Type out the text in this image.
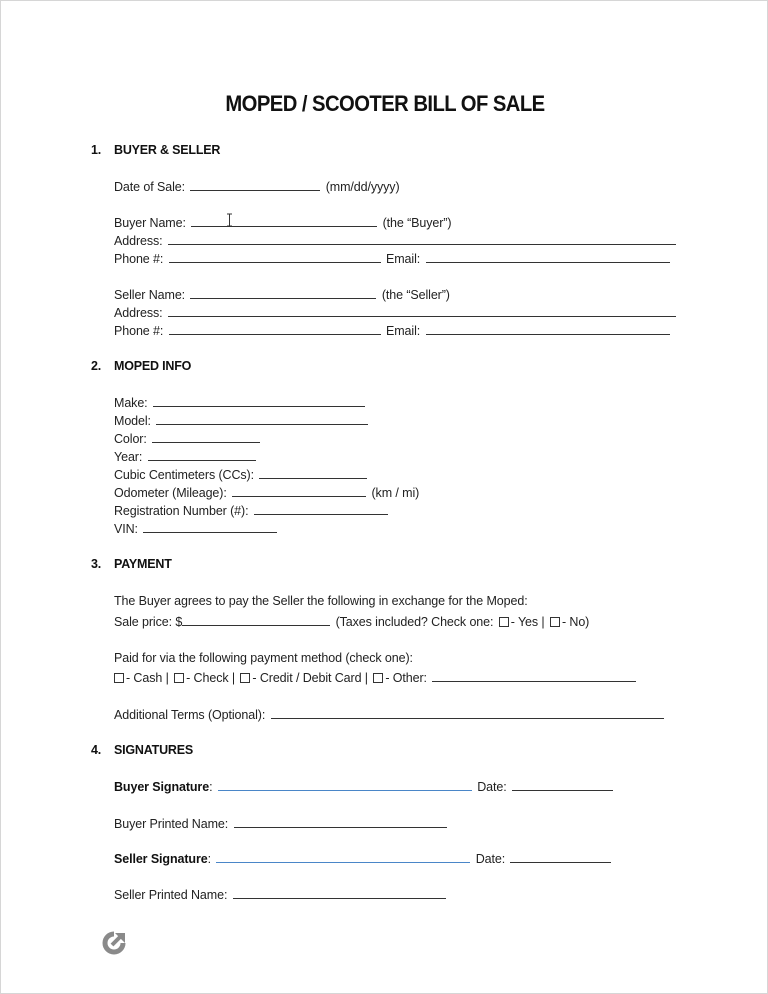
MOPED / SCOOTER BILL OF SALE
1. BUYER & SELLER
Date of Sale:	(mm/dd/yyyy)
Buyer Name:	(the “Buyer”)
Address:
Phone #:	Email:
Seller Name:	(the “Seller”)
Address:
Phone #:	Email:
2. MOPED INFO
Make:
Model:
Color:
Year:
Cubic Centimeters (CCs):
Odometer (Mileage):	(km / mi)
Registration Number (#):
VIN:
3. PAYMENT
The Buyer agrees to pay the Seller the following in exchange for the Moped:
Sale price: $	(Taxes included? Check one: - Yes | - No)
Paid for via the following payment method (check one):
- Cash | - Check | - Credit / Debit Card | - Other:
Additional Terms (Optional):
4. SIGNATURES
Buyer Signature:	Date:
Buyer Printed Name:
Seller Signature:	Date:
Seller Printed Name:
